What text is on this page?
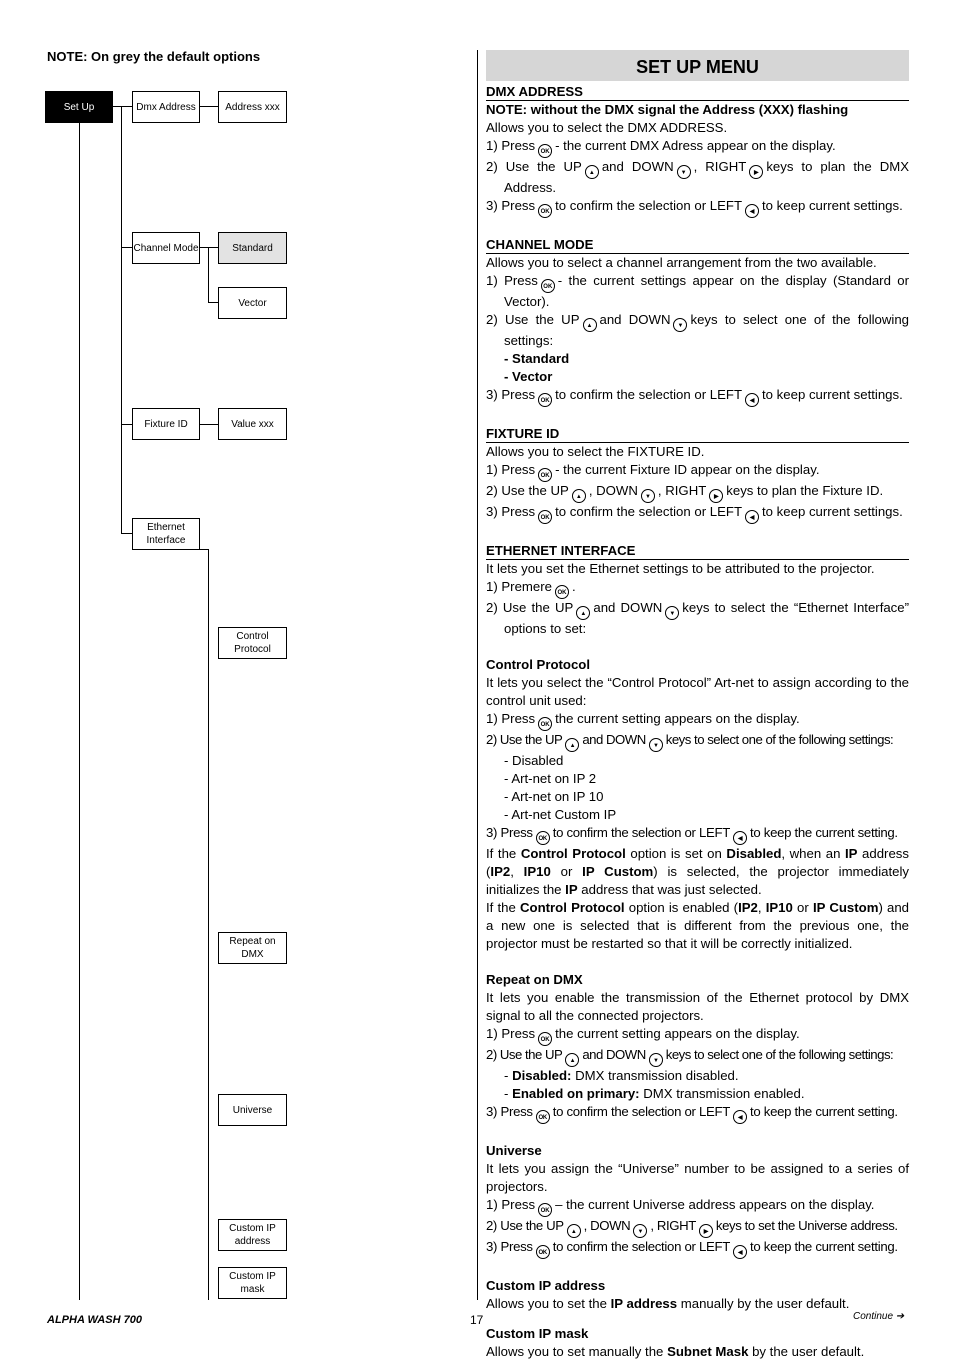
NOTE: On grey the default options
Set Up	Dmx Address	Address xxx
Channel Mode	Standard
Vector
Fixture ID	Value xxx
Ethernet Interface
Control Protocol
Repeat on DMX
Universe
Custom IP address
Custom IP mask
SET UP MENU
DMX ADDRESS

NOTE: without the DMX signal the Address (XXX) flashing

Allows you to select the DMX ADDRESS.

1) Press OK - the current DMX Adress appear on the display.
2) Use the UP ▲ and DOWN ▼ , RIGHT ▶ keys to plan the DMX Address.
3) Press OK to confirm the selection or LEFT ◀ to keep current settings.
CHANNEL MODE

Allows you to select a channel arrangement from the two available.

1) Press OK - the current settings appear on the display (Standard or Vector).
2) Use the UP ▲ and DOWN ▼ keys to select one of the following settings:

- Standard

- Vector

3) Press OK to confirm the selection or LEFT ◀ to keep current settings.
FIXTURE ID

Allows you to select the FIXTURE ID.

1) Press OK - the current Fixture ID appear on the display.
2) Use the UP ▲ , DOWN ▼ , RIGHT ▶ keys to plan the Fixture ID.
3) Press OK to confirm the selection or LEFT ◀ to keep current settings.
ETHERNET INTERFACE

It lets you set the Ethernet settings to be attributed to the projector.

1) Premere OK .
2) Use the UP ▲ and DOWN ▼ keys to select the “Ethernet Interface” options to set:
Control Protocol

It lets you select the “Control Protocol” Art-net to assign according to the control unit used:

1) Press OK the current setting appears on the display.
2) Use the UP ▲ and DOWN ▼ keys to select one of the following settings:

- Disabled

- Art-net on IP 2

- Art-net on IP 10

- Art-net Custom IP

3) Press OK to confirm the selection or LEFT ◀ to keep the current setting.

If the Control Protocol option is set on Disabled, when an IP address (IP2, IP10 or IP Custom) is selected, the projector immediately initializes the IP address that was just selected.

If the Control Protocol option is enabled (IP2, IP10 or IP Custom) and a new one is selected that is different from the previous one, the projector must be restarted so that it will be correctly initialized.

Repeat on DMX

It lets you enable the transmission of the Ethernet protocol by DMX signal to all the connected projectors.

1) Press OK the current setting appears on the display.
2) Use the UP ▲ and DOWN ▼ keys to select one of the following settings:

- Disabled: DMX transmission disabled.

- Enabled on primary: DMX transmission enabled.

3) Press OK to confirm the selection or LEFT ◀ to keep the current setting.
Universe

It lets you assign the “Universe” number to be assigned to a series of projectors.

1) Press OK – the current Universe address appears on the display.

2) Use the UP ▲ , DOWN ▼ , RIGHT ▶ keys to set the Universe address.

3) Press OK to confirm the selection or LEFT ◀ to keep the current setting.

Custom IP address

Allows you to set the IP address manually by the user default.

Custom IP mask

Allows you to set manually the Subnet Mask by the user default.

ALPHA WASH 700	17	Continue ➔
